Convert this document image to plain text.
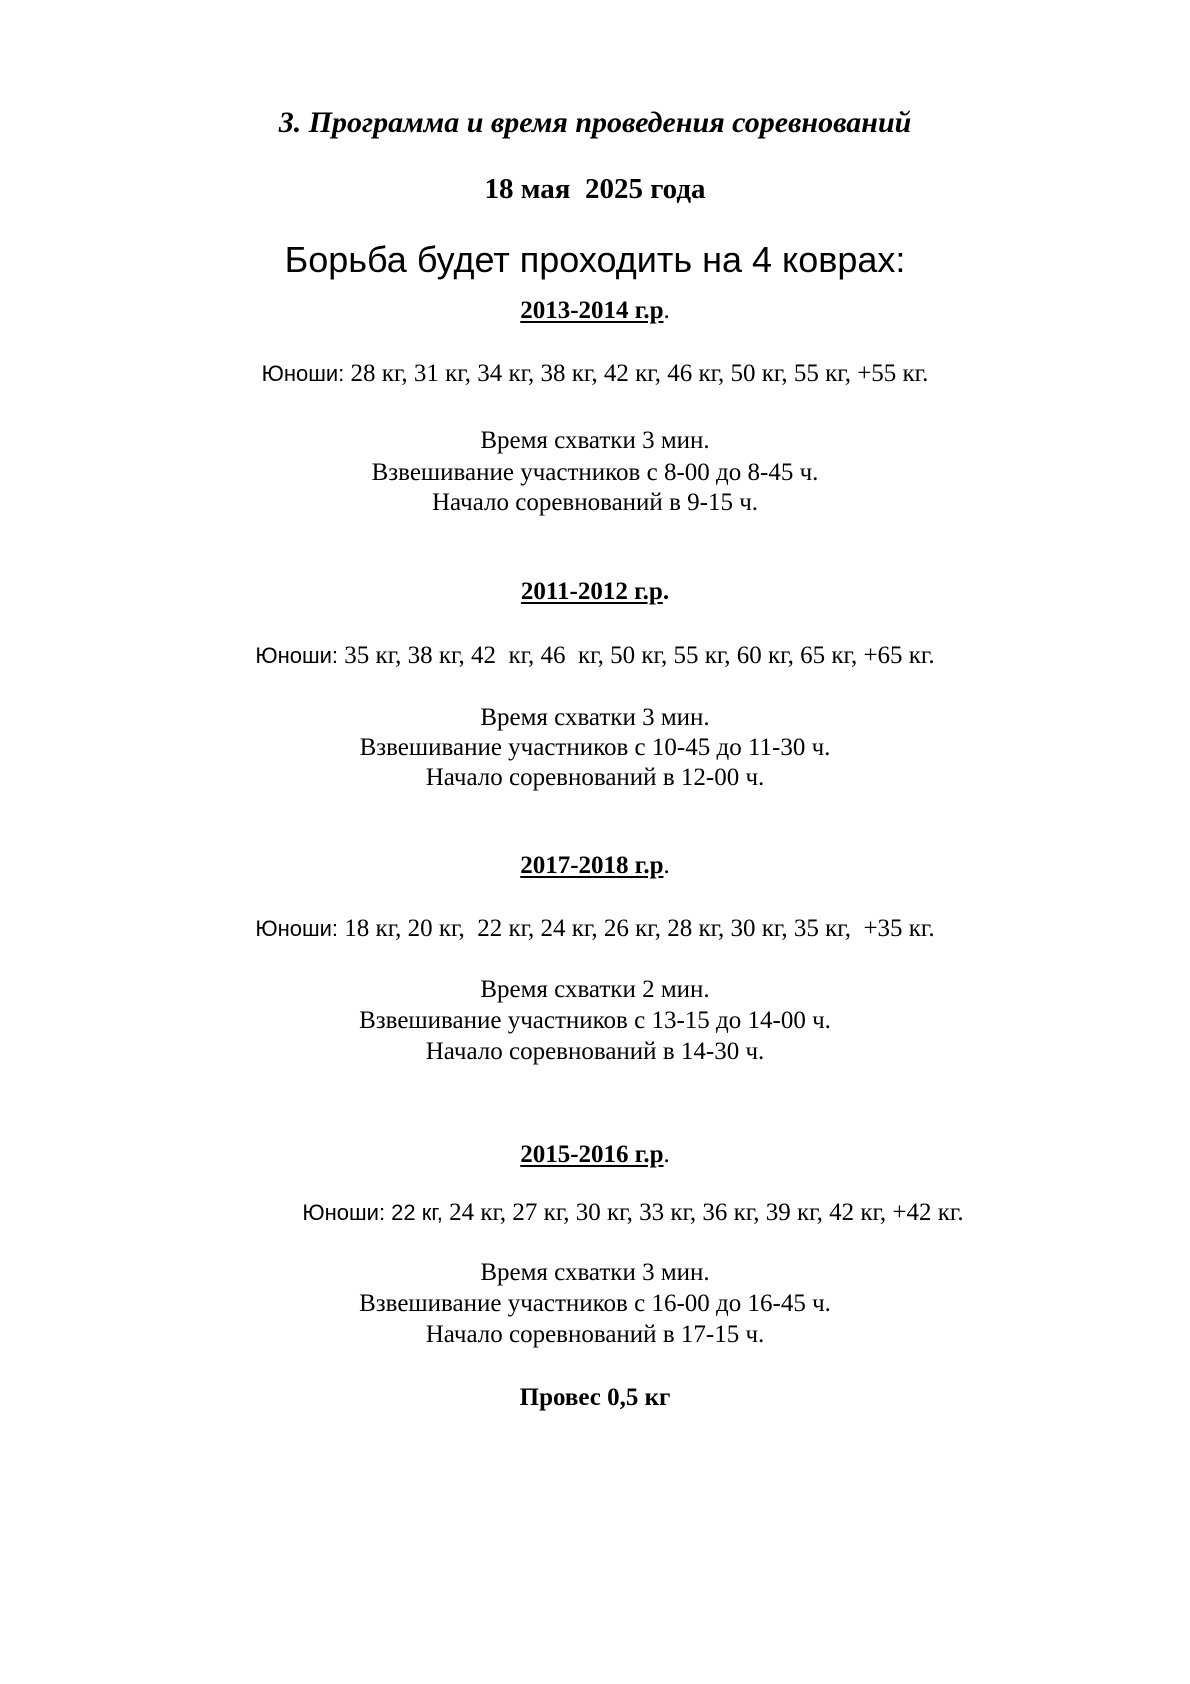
3. Программа и время проведения соревнований
18 мая  2025 года
Борьба будет проходить на 4 коврах:
2013-2014 г.р.
Юноши: 28 кг, 31 кг, 34 кг, 38 кг, 42 кг, 46 кг, 50 кг, 55 кг, +55 кг.
Время схватки 3 мин.
Взвешивание участников с 8-00 до 8-45 ч.
Начало соревнований в 9-15 ч.
2011-2012 г.р.
Юноши: 35 кг, 38 кг, 42  кг, 46  кг, 50 кг, 55 кг, 60 кг, 65 кг, +65 кг.
Время схватки 3 мин.
Взвешивание участников с 10-45 до 11-30 ч.
Начало соревнований в 12-00 ч.
2017-2018 г.р.
Юноши: 18 кг, 20 кг,  22 кг, 24 кг, 26 кг, 28 кг, 30 кг, 35 кг,  +35 кг.
Время схватки 2 мин.
Взвешивание участников с 13-15 до 14-00 ч.
Начало соревнований в 14-30 ч.
2015-2016 г.р.
Юноши: 22 кг, 24 кг, 27 кг, 30 кг, 33 кг, 36 кг, 39 кг, 42 кг, +42 кг.
Время схватки 3 мин.
Взвешивание участников с 16-00 до 16-45 ч.
Начало соревнований в 17-15 ч.
Провес 0,5 кг
